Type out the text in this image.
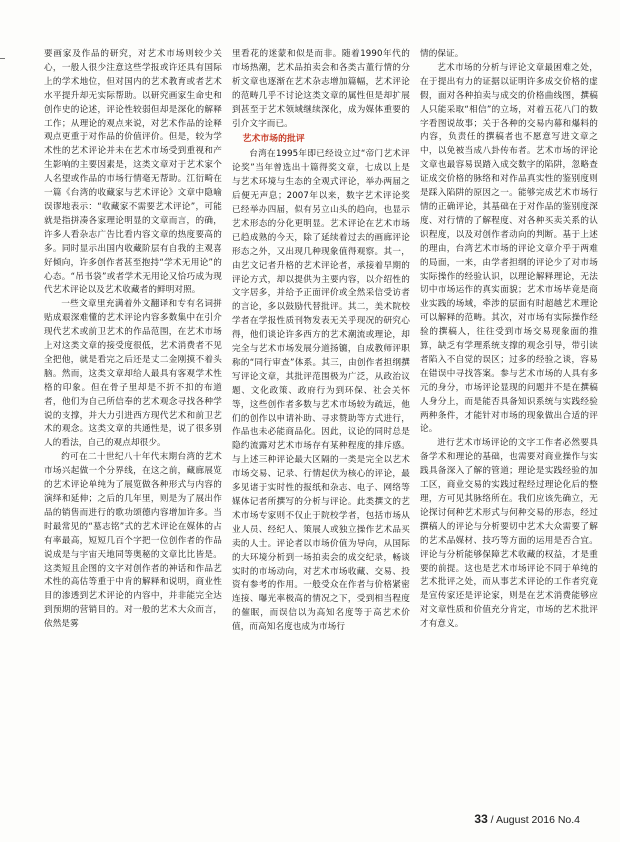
要画家及作品的研究，对艺术市场则较少关心，一般人很少注意这些学报或许还具有国际上的学术地位，但对国内的艺术教育或者艺术水平提升却无实际帮助。以研究画家生命史和创作史的论述，评论性较弱但却是深化的解释工作；从理论的观点来说，对艺术作品的诠释观点更重于对作品的价值评价。但是，较为学术性的艺术评论并未在艺术市场受到重视和产生影响的主要因素是，这类文章对于艺术家个人名望或作品的市场行情毫无帮助。江衍畸在一篇《台湾的收藏家与艺术评论》文章中隐喻误谬地表示：“收藏家不需要艺术评论”，可能就是指拼凑各家理论明显的文章而言，的确，许多人看杂志广告比看内容文章的热度要高的多。同时显示出国内收藏阶层有自我的主观喜好倾向，许多创作者甚至抱持“学术无用论”的心态。“吊书袋”或者学术无用论又恰巧成为现代艺术评论以及艺术收藏者的鲜明对照。

一些文章里充满着外文翻译和专有名词拼贴成艰深难懂的艺术评论内容多数集中在引介现代艺术或前卫艺术的作品范围，在艺术市场上对这类文章的接受度很低，艺术消费者不见全把他，就是看完之后还是丈二金刚摸不着头脑。然而，这类文章却给人最具有客观学术性格的印象。但在骨子里却是不折不扣的布道者，他们为自己所信奉的艺术观念寻找各种学说的支撑，并大力引进西方现代艺术和前卫艺术的观念。这类文章的共通性是，说了很多别人的看法，自己的观点却很少。

约可在二十世纪八十年代末期台湾的艺术市场兴起做一个分界线，在这之前，藏廊展览的艺术评论单纯为了展览做各种形式与内容的演绎和延伸；之后的几年里，则是为了展出作品的销售而进行的歌功颂德内容增加许多。当时最常见的“墓志铭”式的艺术评论在媒体的占有率最高，短短几百个字把一位创作者的作品说成是与宇宙天地同等奥秘的文章比比皆是。这类短且企图的文字对创作者的神话和作品艺术性的高估等重于中肯的解释和说明，商业性目的渗透到艺术评论的内容中，并非能完全达到预期的营销目的。对一般的艺术大众而言，依然是雾

里看花的迷蒙和似是而非。随着1990年代的市场热潮，艺术品拍卖会和各类古董行情的分析文章也逐渐在艺术杂志增加篇幅，艺术评论的范畴几乎不讨论这类文章的属性但是却扩展到甚至于艺术领域继续深化，成为媒体重要的引介文字而已。

艺术市场的批评

台湾在1995年即已经设立过“帝门艺术评论奖”当年曾选出十篇得奖文章，七成以上是与艺术环境与生态的全观式评论，举办两届之后便无声息；2007年以来，数字艺术评论奖已经举办四届，似有另立山头的趋向，也显示艺术形态的分化更明显。艺术评论在艺术市场已趋成熟的今天，除了延续着过去的画廊评论形态之外，又出现几种现象值得观察。其一，由艺文记者升格的艺术评论者，承接着早期的评论方式，却以提供为主要内容，以介绍性的文字居多，并给予正面评价或全然采信受访者的言论，多以鼓励代替批评。其二，美术院校学者在学报性质刊物发表无关乎现况的研究心得，他们谈论许多西方的艺术潮流或理论，却完全与艺术市场发展分道扬镳，自成教师评职称的“同行审查”体系。其三，由创作者担纲撰写评论文章，其批评范围极为广泛，从政治议题、文化政策、政府行为到环保、社会关怀等，这些创作者多数与艺术市场较为疏远，他们的创作以申请补助、寻求赞助等方式进行，作品也未必能商品化。因此，议论的同时总是隐约流露对艺术市场存有某种程度的排斥感。与上述三种评论最大区隔的一类是完全以艺术市场交易、记录、行情起伏为核心的评论，最多见诸于实时性的报纸和杂志、电子、网络等媒体记者所撰写的分析与评论。此类撰文的艺术市场专家则不仅止于院校学者，包括市场从业人员、经纪人、策展人或独立操作艺术品买卖的人士。评论者以市场价值为导向，从国际的大环境分析到一场拍卖会的成交纪录，畅谈实时的市场动向，对艺术市场收藏、交易、投资有参考的作用。一般受众在作者与价格紧密连接、曝光率极高的情况之下，受到相当程度的催眠，而误信以为高知名度等于高艺术价值，而高知名度也成为市场行

情的保证。

艺术市场的分析与评论文章最困难之处，在于提出有力的证据以证明许多成交价格的虚假，面对各种拍卖与成交的价格曲线图，撰稿人只能采取“相信”的立场，对着五花八门的数字看图说故事；关于各种的交易内幕和爆料的内容，负责任的撰稿者也不愿意写进文章之中，以免被当成八卦传布者。艺术市场的评论文章也最容易误踏入成交数字的陷阱，忽略查证成交价格的脉络和对作品真实性的鉴别度则是踩入陷阱的原因之一。能够完成艺术市场行情的正确评论，其基础在于对作品的鉴别度深度、对行情的了解程度、对各种买卖关系的认识程度，以及对创作者动向的判断。基于上述的理由，台湾艺术市场的评论文章介乎于两难的局面，一来，由学者担纲的评论少了对市场实际操作的经验认识，以理论解释理论，无法切中市场运作的真实面貌；艺术市场毕竟是商业实践的场域，牵涉的层面有时超越艺术理论可以解释的范畴。其次，对市场有实际操作经验的撰稿人，往往受到市场交易现象面的推算，缺乏有学理系统支撑的观念引导，带引读者陷入不自觉的误区；过多的经验之谈，容易在错误中寻找答案。参与艺术市场的人具有多元的身分，市场评论显现的问题并不是在撰稿人身分上，而是能否具备知识系统与实践经验两种条件，才能针对市场的现象做出合适的评论。

进行艺术市场评论的文字工作者必然要具备学术和理论的基础，也需要对商业操作与实践具备深入了解的管道；理论是实践经验的加工区，商业交易的实践过程经过理论化后的整理，方可见其脉络所在。我们应该先确立，无论探讨何种艺术形式与何种交易的形态，经过撰稿人的评论与分析要切中艺术大众需要了解的艺术品媒材、技巧等方面的运用是否合宜。评论与分析能够保障艺术收藏的权益，才是重要的前提。这也是艺术市场评论不同于单纯的艺术批评之处，而从事艺术评论的工作者究竟是宣传家还是评论家，则是在艺术消费能够应对文章性质和价值充分肯定，市场的艺术批评才有意义。

33 / August 2016 No.4
